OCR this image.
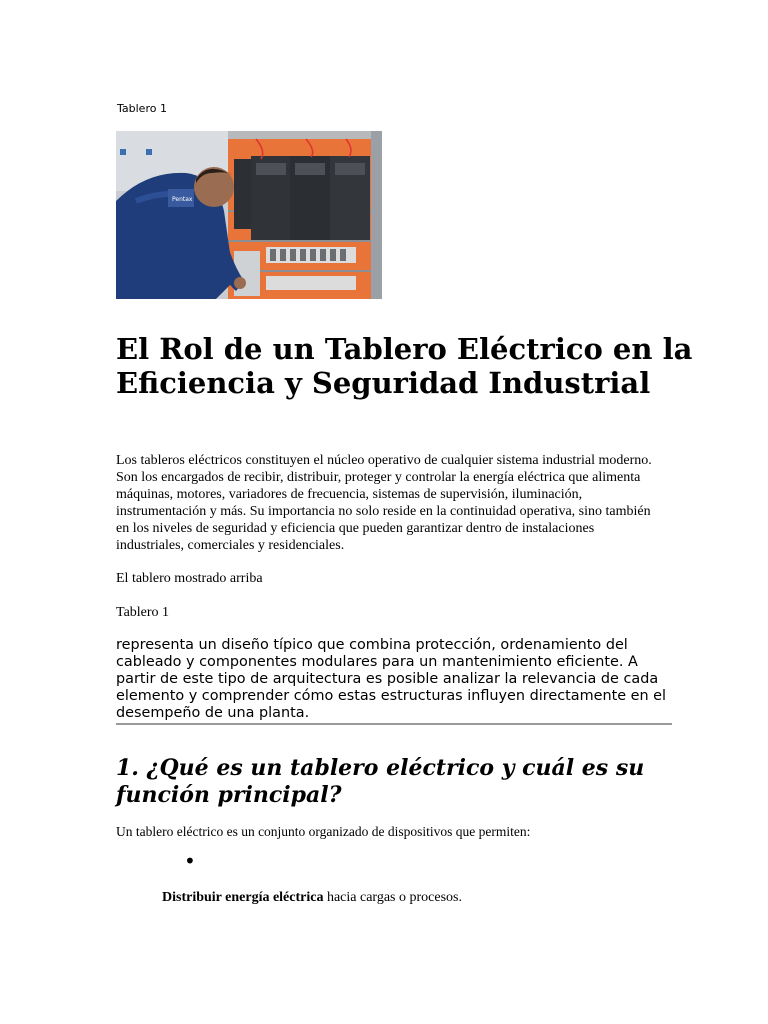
Tablero 1
Pentax
El Rol de un Tablero Eléctrico en la Eficiencia y Seguridad Industrial

Los tableros eléctricos constituyen el núcleo operativo de cualquier sistema industrial moderno. Son los encargados de recibir, distribuir, proteger y controlar la energía eléctrica que alimenta máquinas, motores, variadores de frecuencia, sistemas de supervisión, iluminación, instrumentación y más. Su importancia no solo reside en la continuidad operativa, sino también en los niveles de seguridad y eficiencia que pueden garantizar dentro de instalaciones industriales, comerciales y residenciales.

El tablero mostrado arriba

Tablero 1

representa un diseño típico que combina protección, ordenamiento del cableado y componentes modulares para un mantenimiento eficiente. A partir de este tipo de arquitectura es posible analizar la relevancia de cada elemento y comprender cómo estas estructuras influyen directamente en el desempeño de una planta.

1. ¿Qué es un tablero eléctrico y cuál es su función principal?

Un tablero eléctrico es un conjunto organizado de dispositivos que permiten:

•

Distribuir energía eléctrica hacia cargas o procesos.
